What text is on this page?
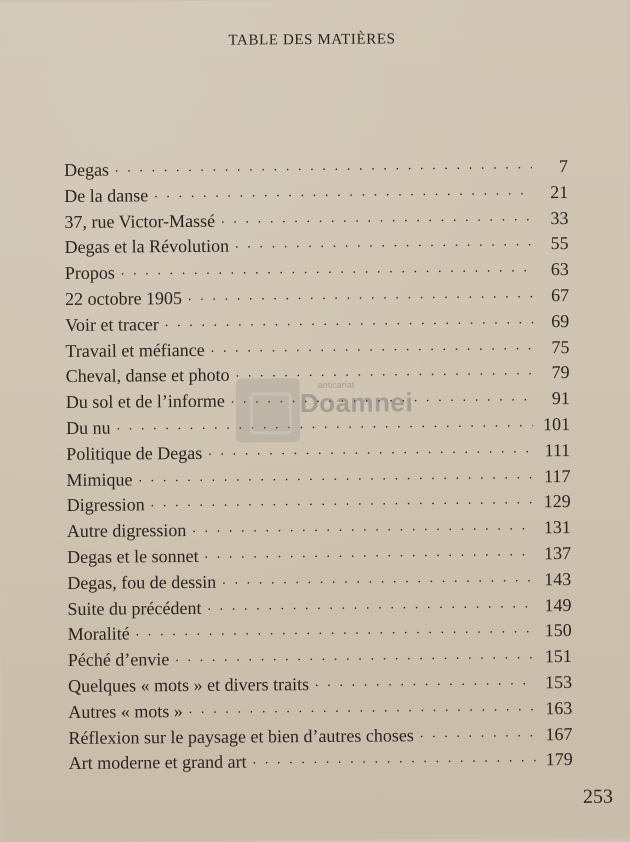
TABLE DES MATIÈRES
Degas . . .	7
De la danse . . .	21
37, rue Victor-Massé . . .	33
Degas et la Révolution . . .	55
Propos . . .	63
22 octobre 1905 . . .	67
Voir et tracer . . .	69
Travail et méfiance . . .	75
Cheval, danse et photo . . .	79
Du sol et de l’informe . . .	91
Du nu . . .	101
Politique de Degas . . .	111
Mimique . . .	117
Digression . . .	129
Autre digression . . .	131
Degas et le sonnet . . .	137
Degas, fou de dessin . . .	143
Suite du précédent . . .	149
Moralité . . .	150
Péché d’envie . . .	151
Quelques « mots » et divers traits . . .	153
Autres « mots » . . .	163
Réflexion sur le paysage et bien d’autres choses . . .	167
Art moderne et grand art . . .	179
anticariat
Doamnei
253
